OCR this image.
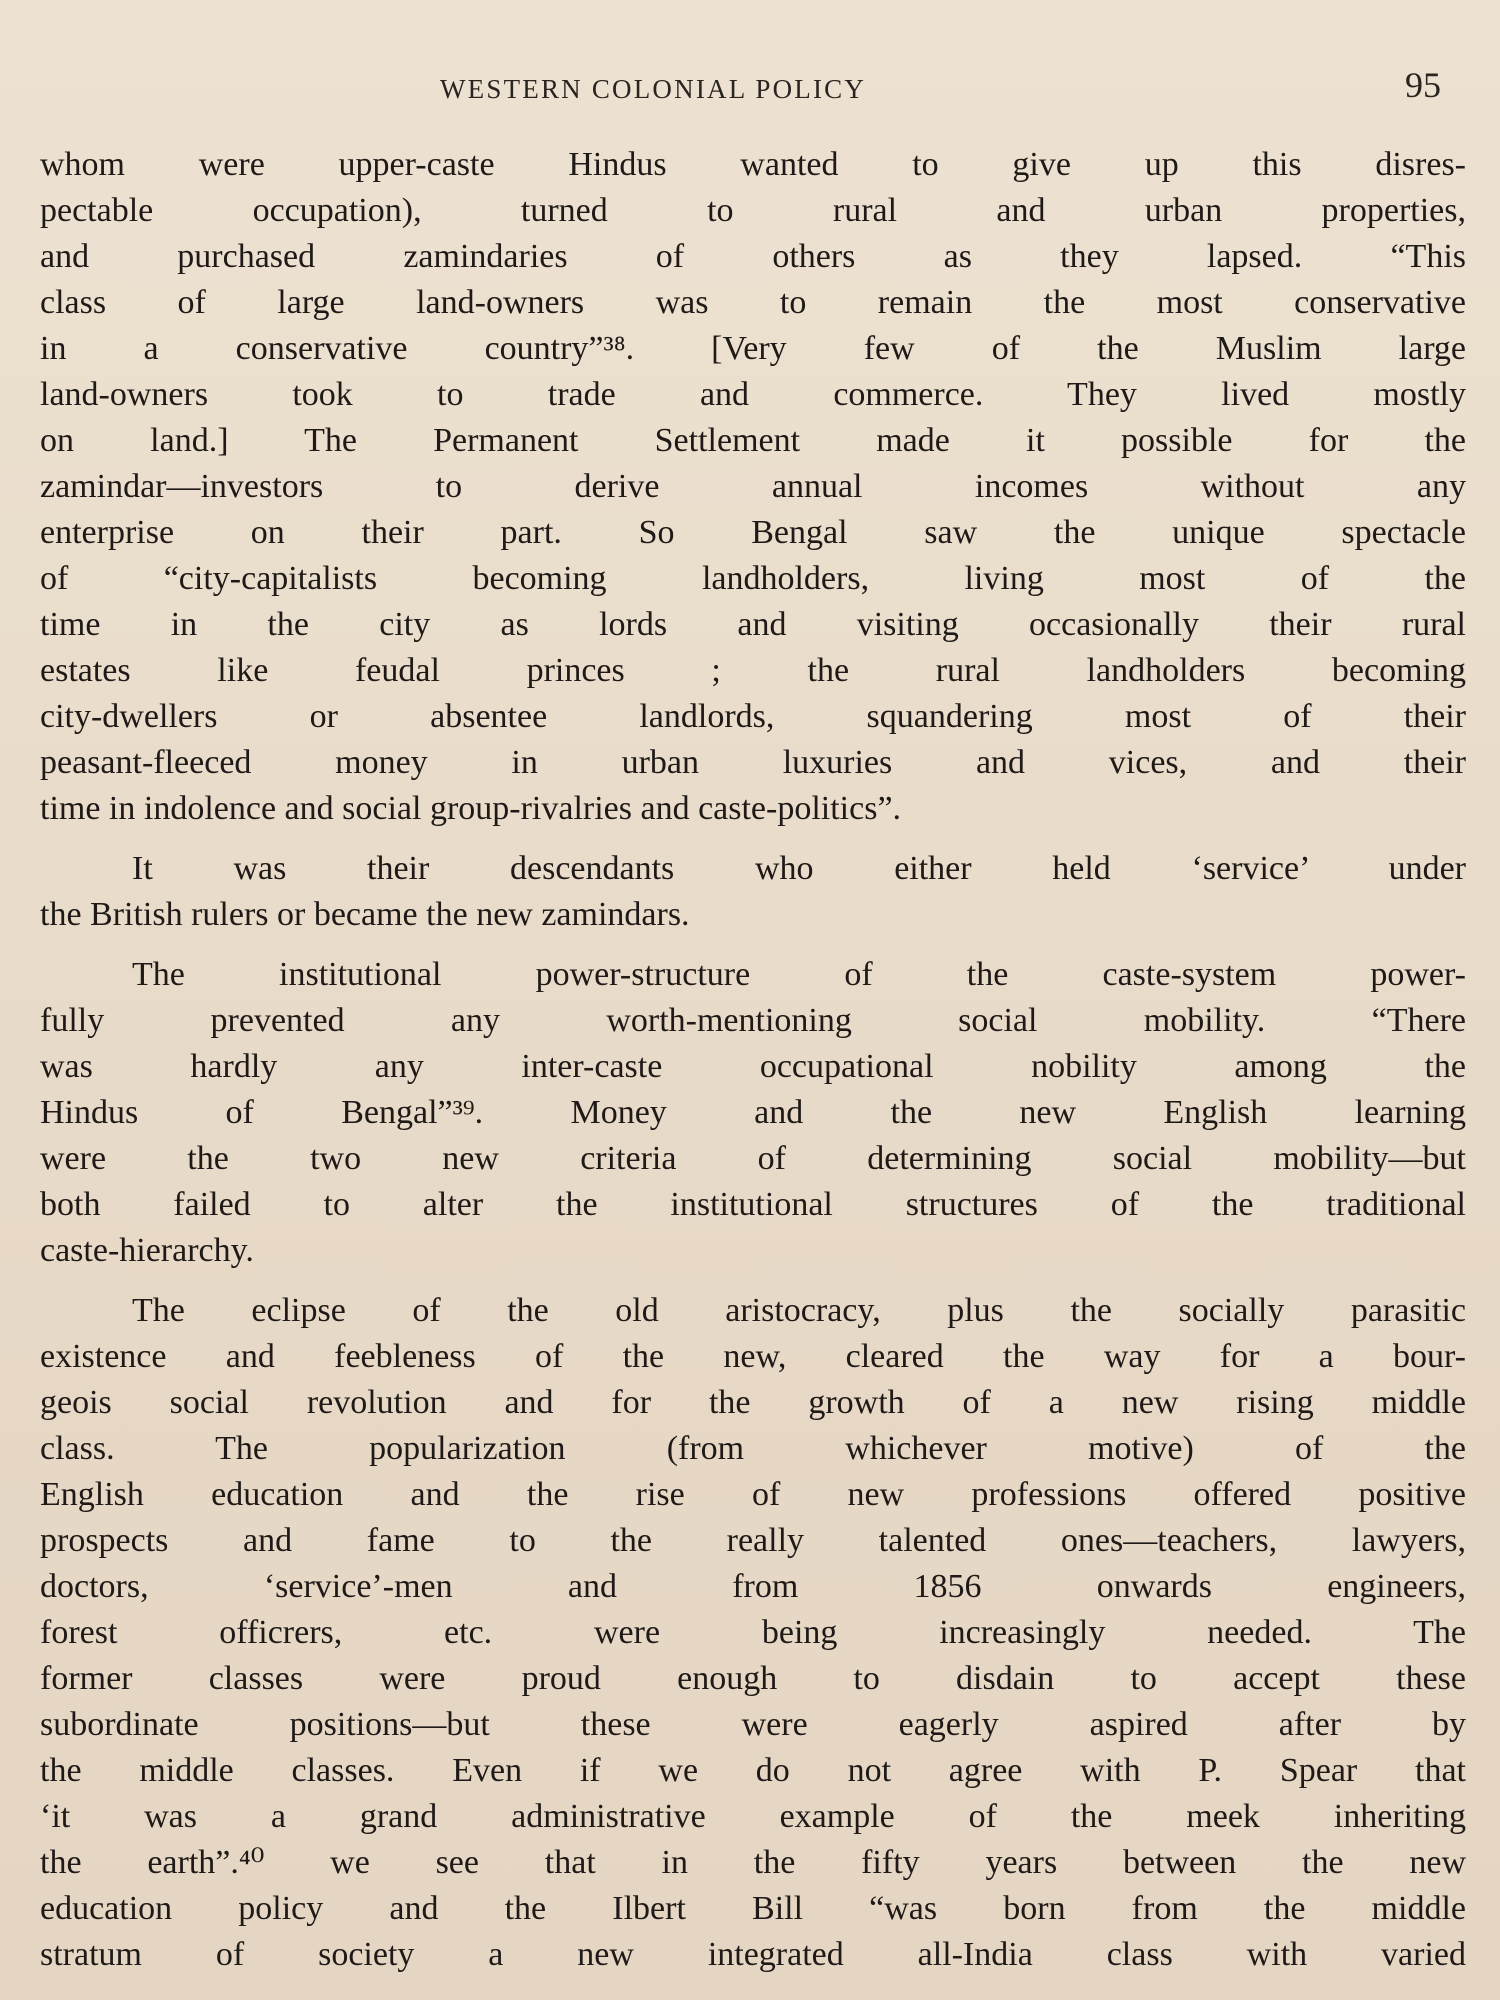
WESTERN COLONIAL POLICY	95
whom were upper-caste Hindus wanted to give up this disres-
pectable occupation), turned to rural and urban properties,
and purchased zamindaries of others as they lapsed. “This
class of large land-owners was to remain the most conservative
in a conservative country”³⁸. [Very few of the Muslim large
land-owners took to trade and commerce. They lived mostly
on land.] The Permanent Settlement made it possible for the
zamindar—investors to derive annual incomes without any
enterprise on their part. So Bengal saw the unique spectacle
of “city-capitalists becoming landholders, living most of the
time in the city as lords and visiting occasionally their rural
estates like feudal princes ; the rural landholders becoming
city-dwellers or absentee landlords, squandering most of their
peasant-fleeced money in urban luxuries and vices, and their
time in indolence and social group-rivalries and caste-politics”.
It was their descendants who either held ‘service’ under
the British rulers or became the new zamindars.
The institutional power-structure of the caste-system power-
fully prevented any worth-mentioning social mobility. “There
was hardly any inter-caste occupational nobility among the
Hindus of Bengal”³⁹. Money and the new English learning
were the two new criteria of determining social mobility—but
both failed to alter the institutional structures of the traditional
caste-hierarchy.
The eclipse of the old aristocracy, plus the socially parasitic
existence and feebleness of the new, cleared the way for a bour-
geois social revolution and for the growth of a new rising middle
class. The popularization (from whichever motive) of the
English education and the rise of new professions offered positive
prospects and fame to the really talented ones—teachers, lawyers,
doctors, ‘service’-men and from 1856 onwards engineers,
forest officrers, etc. were being increasingly needed. The
former classes were proud enough to disdain to accept these
subordinate positions—but these were eagerly aspired after by
the middle classes. Even if we do not agree with P. Spear that
‘it was a grand administrative example of the meek inheriting
the earth”.⁴⁰ we see that in the fifty years between the new
education policy and the Ilbert Bill “was born from the middle
stratum of society a new integrated all-India class with varied
